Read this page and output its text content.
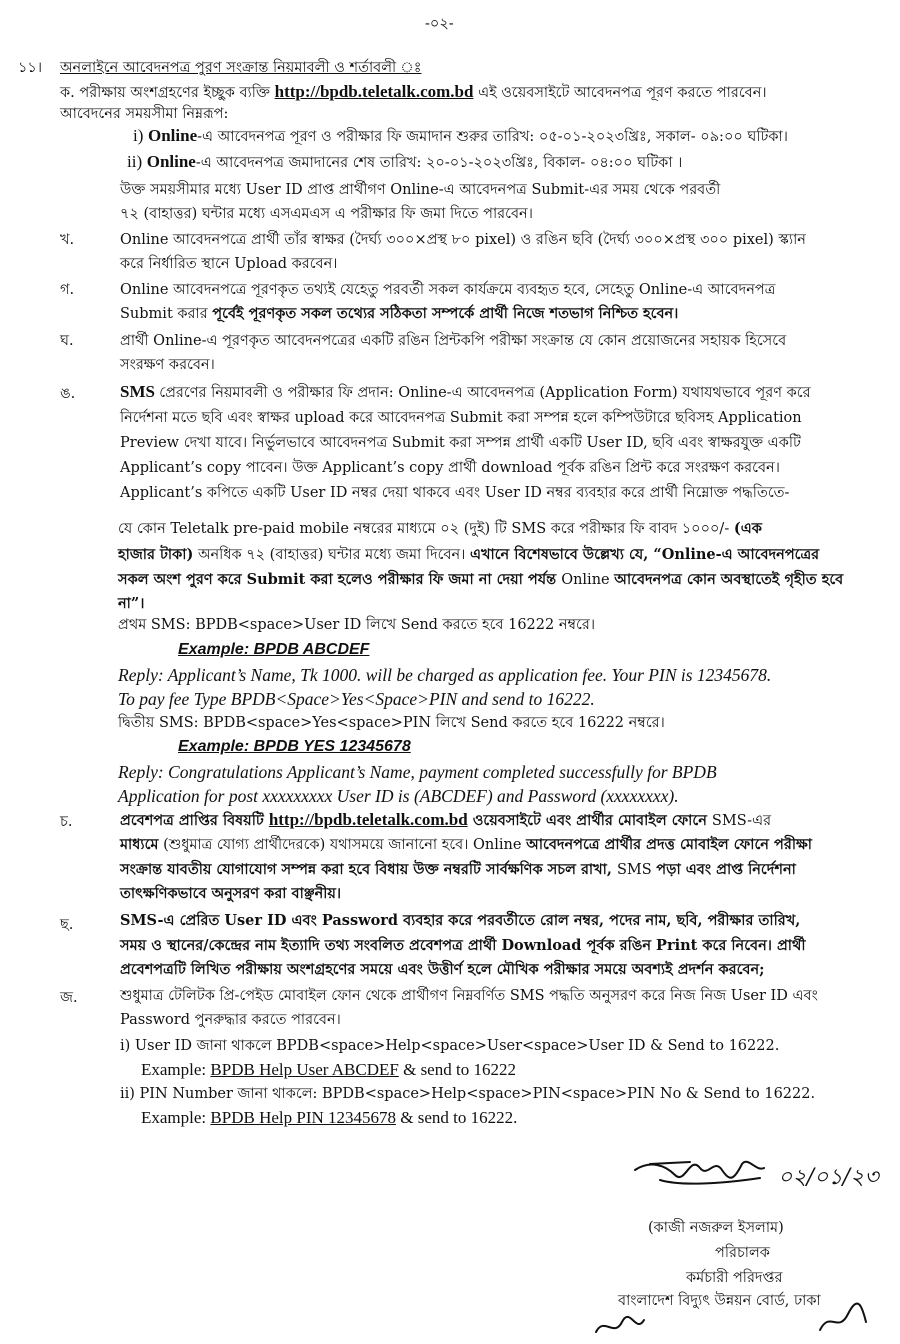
-০২-
১১। অনলাইনে আবেদনপত্র পুরণ সংক্রান্ত নিয়মাবলী ও শর্তাবলী ঃ
ক. পরীক্ষায় অংশগ্রহণের ইচ্ছুক ব্যক্তি http://bpdb.teletalk.com.bd এই ওয়েবসাইটে আবেদনপত্র পূরণ করতে পারবেন।
আবেদনের সময়সীমা নিম্নরূপ:
i) Online-এ আবেদনপত্র পূরণ ও পরীক্ষার ফি জমাদান শুরুর তারিখ: ০৫-০১-২০২৩খ্রিঃ, সকাল- ০৯:০০ ঘটিকা।
ii) Online-এ আবেদনপত্র জমাদানের শেষ তারিখ: ২০-০১-২০২৩খ্রিঃ, বিকাল- ০৪:০০ ঘটিকা ।
উক্ত সময়সীমার মধ্যে User ID প্রাপ্ত প্রার্থীগণ Online-এ আবেদনপত্র Submit-এর সময় থেকে পরবর্তী
৭২ (বাহাত্তর) ঘন্টার মধ্যে এসএমএস এ পরীক্ষার ফি জমা দিতে পারবেন।
খ.	Online আবেদনপত্রে প্রার্থী তাঁর স্বাক্ষর (দৈর্ঘ্য ৩০০×প্রস্থ ৮০ pixel) ও রঙিন ছবি (দৈর্ঘ্য ৩০০×প্রস্থ ৩০০ pixel) স্ক্যান
করে নির্ধারিত স্থানে Upload করবেন।
গ.	Online আবেদনপত্রে পূরণকৃত তথ্যই যেহেতু পরবর্তী সকল কার্যক্রমে ব্যবহৃত হবে, সেহেতু Online-এ আবেদনপত্র
Submit করার পূর্বেই পূরণকৃত সকল তথ্যের সঠিকতা সম্পর্কে প্রার্থী নিজে শতভাগ নিশ্চিত হবেন।
ঘ.	প্রার্থী Online-এ পূরণকৃত আবেদনপত্রের একটি রঙিন প্রিন্টকপি পরীক্ষা সংক্রান্ত যে কোন প্রয়োজনের সহায়ক হিসেবে
সংরক্ষণ করবেন।
ঙ.	SMS প্রেরণের নিয়মাবলী ও পরীক্ষার ফি প্রদান: Online-এ আবেদনপত্র (Application Form) যথাযথভাবে পূরণ করে
নির্দেশনা মতে ছবি এবং স্বাক্ষর upload করে আবেদনপত্র Submit করা সম্পন্ন হলে কম্পিউটারে ছবিসহ Application
Preview দেখা যাবে। নির্ভুলভাবে আবেদনপত্র Submit করা সম্পন্ন প্রার্থী একটি User ID, ছবি এবং স্বাক্ষরযুক্ত একটি
Applicant’s copy পাবেন। উক্ত Applicant’s copy প্রার্থী download পূর্বক রঙিন প্রিন্ট করে সংরক্ষণ করবেন।
Applicant’s কপিতে একটি User ID নম্বর দেয়া থাকবে এবং User ID নম্বর ব্যবহার করে প্রার্থী নিম্নোক্ত পদ্ধতিতে-
যে কোন Teletalk pre-paid mobile নম্বরের মাধ্যমে ০২ (দুই) টি SMS করে পরীক্ষার ফি বাবদ ১০০০/- (এক
হাজার টাকা) অনধিক ৭২ (বাহাত্তর) ঘন্টার মধ্যে জমা দিবেন। এখানে বিশেষভাবে উল্লেখ্য যে, “Online-এ আবেদনপত্রের
সকল অংশ পুরণ করে Submit করা হলেও পরীক্ষার ফি জমা না দেয়া পর্যন্ত Online আবেদনপত্র কোন অবস্থাতেই গৃহীত হবে
না”।
প্রথম SMS: BPDB<space>User ID লিখে Send করতে হবে 16222 নম্বরে।
Example: BPDB ABCDEF
Reply: Applicant’s Name, Tk 1000. will be charged as application fee. Your PIN is 12345678.
To pay fee Type BPDB<Space>Yes<Space>PIN and send to 16222.
দ্বিতীয় SMS: BPDB<space>Yes<space>PIN লিখে Send করতে হবে 16222 নম্বরে।
Example: BPDB YES 12345678
Reply: Congratulations Applicant’s Name, payment completed successfully for BPDB
Application for post xxxxxxxxx User ID is (ABCDEF) and Password (xxxxxxxx).
চ.	প্রবেশপত্র প্রাপ্তির বিষয়টি http://bpdb.teletalk.com.bd ওয়েবসাইটে এবং প্রার্থীর মোবাইল ফোনে SMS-এর
মাধ্যমে (শুধুমাত্র যোগ্য প্রার্থীদেরকে) যথাসময়ে জানানো হবে। Online আবেদনপত্রে প্রার্থীর প্রদত্ত মোবাইল ফোনে পরীক্ষা
সংক্রান্ত যাবতীয় যোগাযোগ সম্পন্ন করা হবে বিধায় উক্ত নম্বরটি সার্বক্ষণিক সচল রাখা, SMS পড়া এবং প্রাপ্ত নির্দেশনা
তাৎক্ষণিকভাবে অনুসরণ করা বাঞ্ছনীয়।
ছ.	SMS-এ প্রেরিত User ID এবং Password ব্যবহার করে পরবর্তীতে রোল নম্বর, পদের নাম, ছবি, পরীক্ষার তারিখ,
সময় ও স্থানের/কেন্দ্রের নাম ইত্যাদি তথ্য সংবলিত প্রবেশপত্র প্রার্থী Download পূর্বক রঙিন Print করে নিবেন। প্রার্থী
প্রবেশপত্রটি লিখিত পরীক্ষায় অংশগ্রহণের সময়ে এবং উত্তীর্ণ হলে মৌখিক পরীক্ষার সময়ে অবশ্যই প্রদর্শন করবেন;
জ.	শুধুমাত্র টেলিটক প্রি-পেইড মোবাইল ফোন থেকে প্রার্থীগণ নিম্নবর্ণিত SMS পদ্ধতি অনুসরণ করে নিজ নিজ User ID এবং
Password পুনরুদ্ধার করতে পারবেন।
i) User ID জানা থাকলে BPDB<space>Help<space>User<space>User ID & Send to 16222.
Example: BPDB Help User ABCDEF & send to 16222
ii) PIN Number জানা থাকলে: BPDB<space>Help<space>PIN<space>PIN No & Send to 16222.
Example: BPDB Help PIN 12345678 & send to 16222.
০২/০১/২৩
(কাজী নজরুল ইসলাম)
পরিচালক
কর্মচারী পরিদপ্তর
বাংলাদেশ বিদ্যুৎ উন্নয়ন বোর্ড, ঢাকা
